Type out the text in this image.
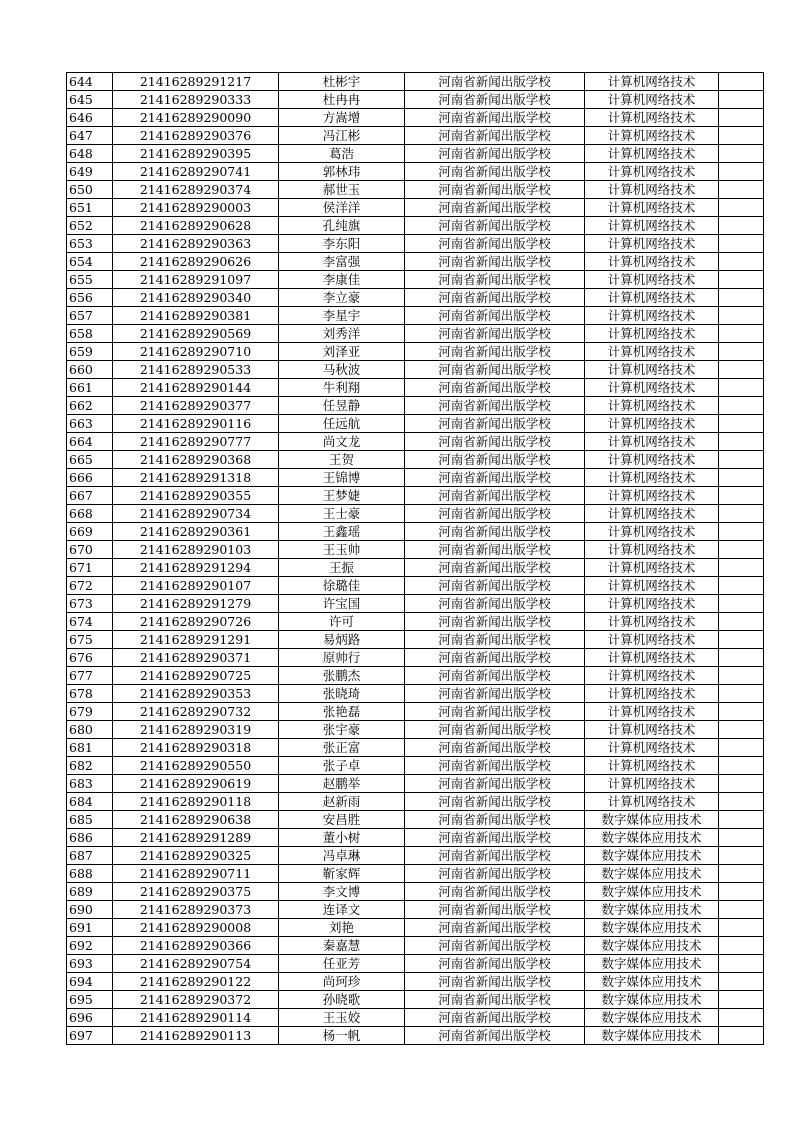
644	21416289291217	杜彬宇	河南省新闻出版学校	计算机网络技术	
645	21416289290333	杜冉冉	河南省新闻出版学校	计算机网络技术	
646	21416289290090	方嵩增	河南省新闻出版学校	计算机网络技术	
647	21416289290376	冯江彬	河南省新闻出版学校	计算机网络技术	
648	21416289290395	葛浩	河南省新闻出版学校	计算机网络技术	
649	21416289290741	郭林玮	河南省新闻出版学校	计算机网络技术	
650	21416289290374	郝世玉	河南省新闻出版学校	计算机网络技术	
651	21416289290003	侯洋洋	河南省新闻出版学校	计算机网络技术	
652	21416289290628	孔纯旗	河南省新闻出版学校	计算机网络技术	
653	21416289290363	李东阳	河南省新闻出版学校	计算机网络技术	
654	21416289290626	李富强	河南省新闻出版学校	计算机网络技术	
655	21416289291097	李康佳	河南省新闻出版学校	计算机网络技术	
656	21416289290340	李立豪	河南省新闻出版学校	计算机网络技术	
657	21416289290381	李星宇	河南省新闻出版学校	计算机网络技术	
658	21416289290569	刘秀洋	河南省新闻出版学校	计算机网络技术	
659	21416289290710	刘泽亚	河南省新闻出版学校	计算机网络技术	
660	21416289290533	马秋波	河南省新闻出版学校	计算机网络技术	
661	21416289290144	牛利翔	河南省新闻出版学校	计算机网络技术	
662	21416289290377	任昱静	河南省新闻出版学校	计算机网络技术	
663	21416289290116	任远航	河南省新闻出版学校	计算机网络技术	
664	21416289290777	尚文龙	河南省新闻出版学校	计算机网络技术	
665	21416289290368	王贺	河南省新闻出版学校	计算机网络技术	
666	21416289291318	王锦博	河南省新闻出版学校	计算机网络技术	
667	21416289290355	王梦婕	河南省新闻出版学校	计算机网络技术	
668	21416289290734	王士豪	河南省新闻出版学校	计算机网络技术	
669	21416289290361	王鑫瑶	河南省新闻出版学校	计算机网络技术	
670	21416289290103	王玉帅	河南省新闻出版学校	计算机网络技术	
671	21416289291294	王振	河南省新闻出版学校	计算机网络技术	
672	21416289290107	徐璐佳	河南省新闻出版学校	计算机网络技术	
673	21416289291279	许宝国	河南省新闻出版学校	计算机网络技术	
674	21416289290726	许可	河南省新闻出版学校	计算机网络技术	
675	21416289291291	易炳路	河南省新闻出版学校	计算机网络技术	
676	21416289290371	原帅行	河南省新闻出版学校	计算机网络技术	
677	21416289290725	张鹏杰	河南省新闻出版学校	计算机网络技术	
678	21416289290353	张晓琦	河南省新闻出版学校	计算机网络技术	
679	21416289290732	张艳磊	河南省新闻出版学校	计算机网络技术	
680	21416289290319	张宇豪	河南省新闻出版学校	计算机网络技术	
681	21416289290318	张正富	河南省新闻出版学校	计算机网络技术	
682	21416289290550	张子卓	河南省新闻出版学校	计算机网络技术	
683	21416289290619	赵鹏举	河南省新闻出版学校	计算机网络技术	
684	21416289290118	赵新雨	河南省新闻出版学校	计算机网络技术	
685	21416289290638	安昌胜	河南省新闻出版学校	数字媒体应用技术	
686	21416289291289	董小树	河南省新闻出版学校	数字媒体应用技术	
687	21416289290325	冯卓琳	河南省新闻出版学校	数字媒体应用技术	
688	21416289290711	靳家辉	河南省新闻出版学校	数字媒体应用技术	
689	21416289290375	李文博	河南省新闻出版学校	数字媒体应用技术	
690	21416289290373	连译文	河南省新闻出版学校	数字媒体应用技术	
691	21416289290008	刘艳	河南省新闻出版学校	数字媒体应用技术	
692	21416289290366	秦嘉慧	河南省新闻出版学校	数字媒体应用技术	
693	21416289290754	任亚芳	河南省新闻出版学校	数字媒体应用技术	
694	21416289290122	尚珂珍	河南省新闻出版学校	数字媒体应用技术	
695	21416289290372	孙晓歌	河南省新闻出版学校	数字媒体应用技术	
696	21416289290114	王玉姣	河南省新闻出版学校	数字媒体应用技术	
697	21416289290113	杨一帆	河南省新闻出版学校	数字媒体应用技术	
